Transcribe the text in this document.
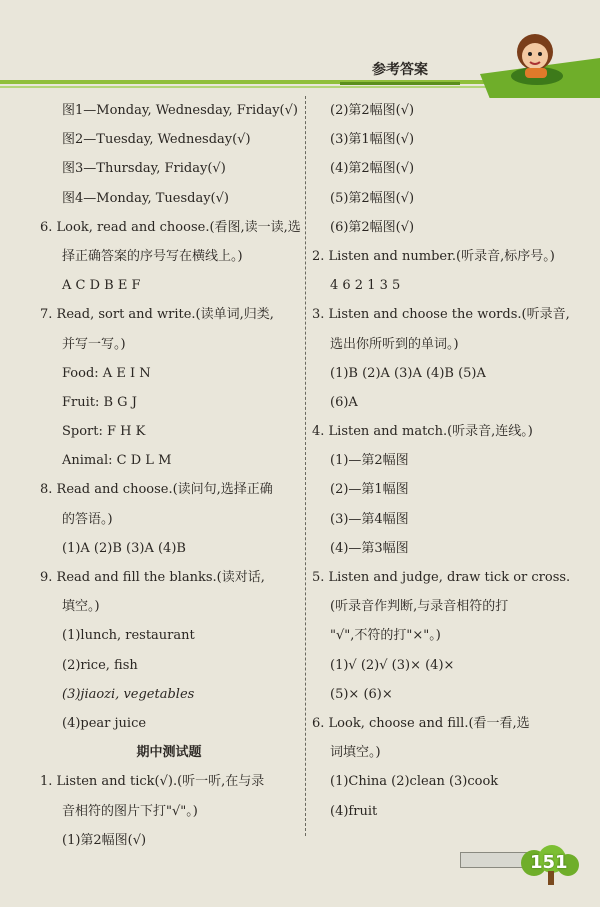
参考答案
图1—Monday, Wednesday, Friday(√)
图2—Tuesday, Wednesday(√)
图3—Thursday, Friday(√)
图4—Monday, Tuesday(√)
6. Look, read and choose.(看图,读一读,选
择正确答案的序号写在横线上。)
A C D B E F
7. Read, sort and write.(读单词,归类,
并写一写。)
Food: A E I N
Fruit: B G J
Sport: F H K
Animal: C D L M
8. Read and choose.(读问句,选择正确
的答语。)
(1)A (2)B (3)A (4)B
9. Read and fill the blanks.(读对话,
填空。)
(1)lunch, restaurant
(2)rice, fish
(3)jiaozi, vegetables
(4)pear juice
期中测试题
1. Listen and tick(√).(听一听,在与录
音相符的图片下打"√"。)
(1)第2幅图(√)
(2)第2幅图(√)
(3)第1幅图(√)
(4)第2幅图(√)
(5)第2幅图(√)
(6)第2幅图(√)
2. Listen and number.(听录音,标序号。)
4 6 2 1 3 5
3. Listen and choose the words.(听录音,
选出你所听到的单词。)
(1)B (2)A (3)A (4)B (5)A
(6)A
4. Listen and match.(听录音,连线。)
(1)—第2幅图
(2)—第1幅图
(3)—第4幅图
(4)—第3幅图
5. Listen and judge, draw tick or cross.
(听录音作判断,与录音相符的打
"√",不符的打"×"。)
(1)√ (2)√ (3)× (4)×
(5)× (6)×
6. Look, choose and fill.(看一看,选
词填空。)
(1)China (2)clean (3)cook
(4)fruit
151
